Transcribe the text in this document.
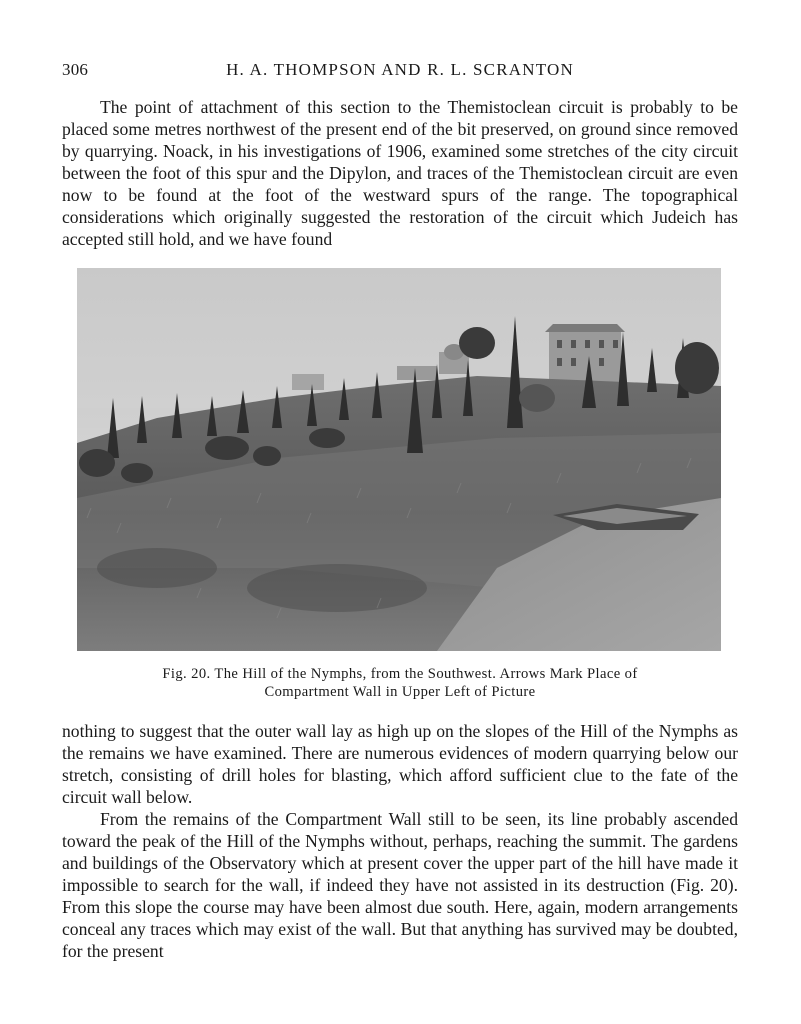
306	H. A. THOMPSON AND R. L. SCRANTON

The point of attachment of this section to the Themistoclean circuit is probably to be placed some metres northwest of the present end of the bit preserved, on ground since removed by quarrying. Noack, in his investigations of 1906, examined some stretches of the city circuit between the foot of this spur and the Dipylon, and traces of the Themistoclean circuit are even now to be found at the foot of the westward spurs of the range. The topographical considerations which originally suggested the restoration of the circuit which Judeich has accepted still hold, and we have found

Fig. 20. The Hill of the Nymphs, from the Southwest. Arrows Mark Place of
Compartment Wall in Upper Left of Picture

nothing to suggest that the outer wall lay as high up on the slopes of the Hill of the Nymphs as the remains we have examined. There are numerous evidences of modern quarrying below our stretch, consisting of drill holes for blasting, which afford sufficient clue to the fate of the circuit wall below.

From the remains of the Compartment Wall still to be seen, its line probably ascended toward the peak of the Hill of the Nymphs without, perhaps, reaching the summit. The gardens and buildings of the Observatory which at present cover the upper part of the hill have made it impossible to search for the wall, if indeed they have not assisted in its destruction (Fig. 20). From this slope the course may have been almost due south. Here, again, modern arrangements conceal any traces which may exist of the wall. But that anything has survived may be doubted, for the present
